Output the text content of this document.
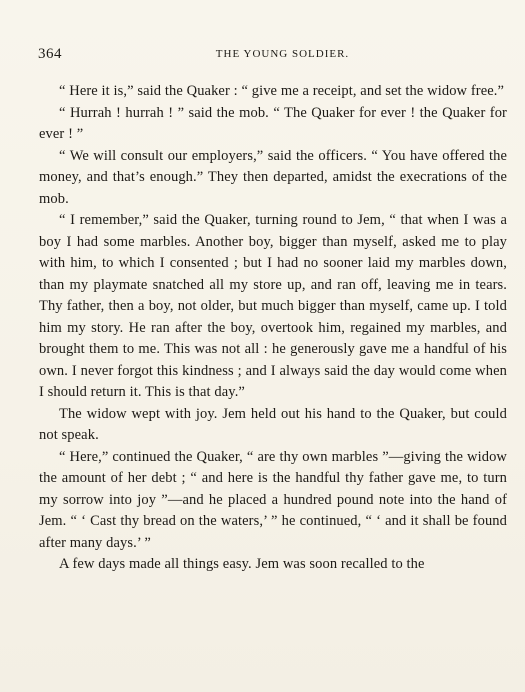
364	THE YOUNG SOLDIER.

“ Here it is,” said the Quaker : “ give me a receipt, and set the widow free.”

“ Hurrah ! hurrah ! ” said the mob. “ The Quaker for ever ! the Quaker for ever ! ”

“ We will consult our employers,” said the officers. “ You have offered the money, and that’s enough.” They then departed, amidst the execrations of the mob.

“ I remember,” said the Quaker, turning round to Jem, “ that when I was a boy I had some marbles. Another boy, bigger than myself, asked me to play with him, to which I consented ; but I had no sooner laid my marbles down, than my playmate snatched all my store up, and ran off, leaving me in tears. Thy father, then a boy, not older, but much bigger than myself, came up. I told him my story. He ran after the boy, overtook him, regained my marbles, and brought them to me. This was not all : he generously gave me a handful of his own. I never forgot this kindness ; and I always said the day would come when I should return it. This is that day.”

The widow wept with joy. Jem held out his hand to the Quaker, but could not speak.

“ Here,” continued the Quaker, “ are thy own marbles ”—giving the widow the amount of her debt ; “ and here is the handful thy father gave me, to turn my sorrow into joy ”—and he placed a hundred pound note into the hand of Jem. “ ‘ Cast thy bread on the waters,’ ” he continued, “ ‘ and it shall be found after many days.’ ”

A few days made all things easy. Jem was soon recalled to the
